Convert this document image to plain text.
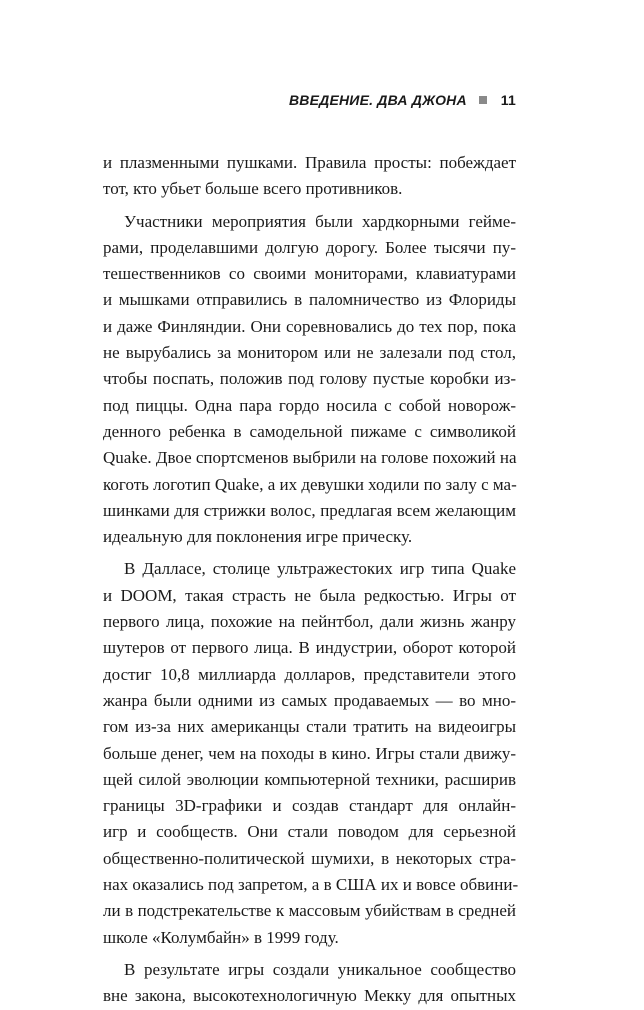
ВВЕДЕНИЕ. ДВА ДЖОНА 11
и плазменными пушками. Правила просты: побеждает
тот, кто убьет больше всего противников.
Участники мероприятия были хардкорными гейме-
рами, проделавшими долгую дорогу. Более тысячи пу-
тешественников со своими мониторами, клавиатурами
и мышками отправились в паломничество из Флориды
и даже Финляндии. Они соревновались до тех пор, пока
не вырубались за монитором или не залезали под стол,
чтобы поспать, положив под голову пустые коробки из-
под пиццы. Одна пара гордо носила с собой новорож-
денного ребенка в самодельной пижаме с символикой
Quake. Двое спортсменов выбрили на голове похожий на
коготь логотип Quake, а их девушки ходили по залу с ма-
шинками для стрижки волос, предлагая всем желающим
идеальную для поклонения игре прическу.
В Далласе, столице ультражестоких игр типа Quake
и DOOM, такая страсть не была редкостью. Игры от
первого лица, похожие на пейнтбол, дали жизнь жанру
шутеров от первого лица. В индустрии, оборот которой
достиг 10,8 миллиарда долларов, представители этого
жанра были одними из самых продаваемых — во мно-
гом из-за них американцы стали тратить на видеоигры
больше денег, чем на походы в кино. Игры стали движу-
щей силой эволюции компьютерной техники, расширив
границы 3D-графики и создав стандарт для онлайн-
игр и сообществ. Они стали поводом для серьезной
общественно-политической шумихи, в некоторых стра-
нах оказались под запретом, а в США их и вовсе обвини-
ли в подстрекательстве к массовым убийствам в средней
школе «Колумбайн» в 1999 году.
В результате игры создали уникальное сообщество
вне закона, высокотехнологичную Мекку для опытных
